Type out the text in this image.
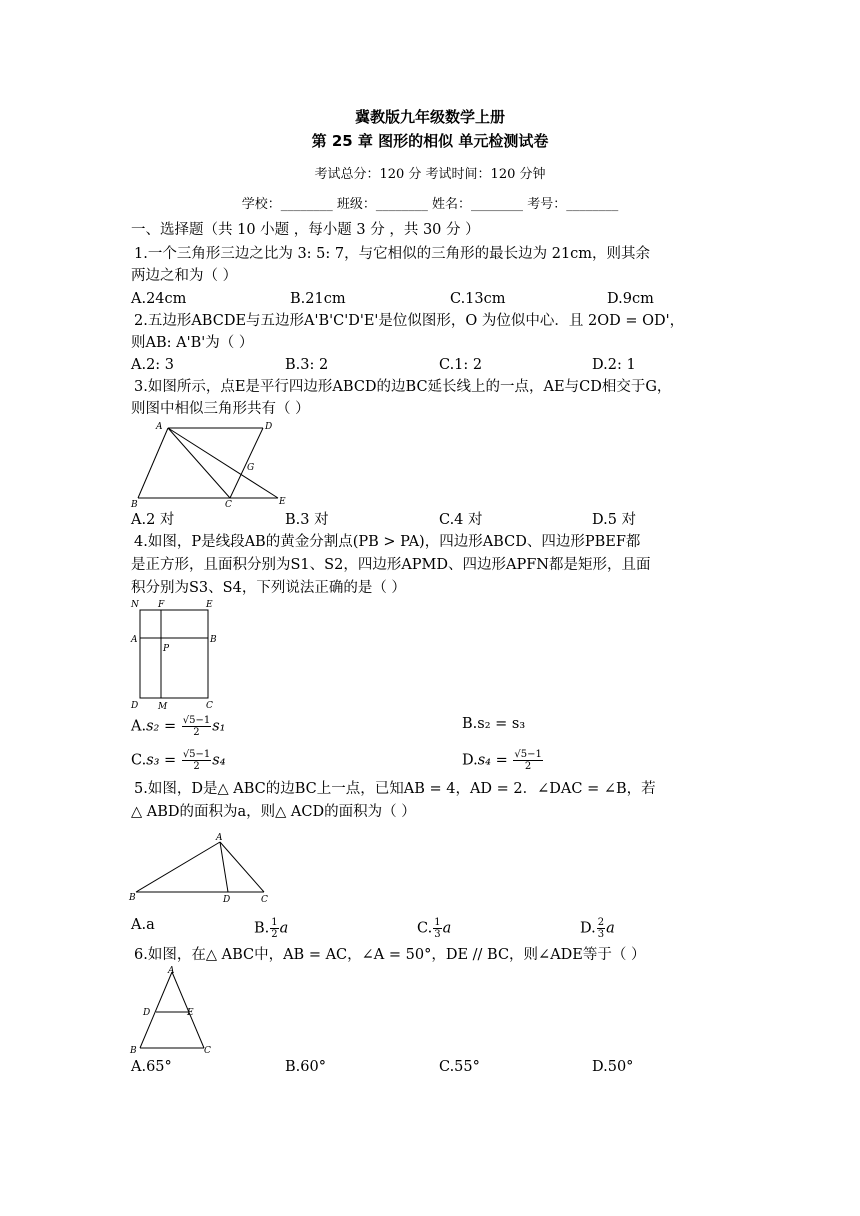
冀教版九年级数学上册
第 25 章 图形的相似 单元检测试卷
考试总分：120 分 考试时间：120 分钟
学校：________ 班级：________ 姓名：________ 考号：________
一、选择题（共 10 小题 ，每小题 3 分 ，共 30 分 ）
1.一个三角形三边之比为 3: 5: 7，与它相似的三角形的最长边为 21cm，则其余
两边之和为（ ）
A.24cm	B.21cm	C.13cm	D.9cm
2.五边形ABCDE与五边形A'B'C'D'E'是位似图形，O 为位似中心．且 2OD = OD'，
则AB: A'B'为（ ）
A.2: 3	B.3: 2	C.1: 2	D.2: 1
3.如图所示，点E是平行四边形ABCD的边BC延长线上的一点，AE与CD相交于G，
则图中相似三角形共有（ ）
A	D
G
B	C	E
A.2 对	B.3 对	C.4 对	D.5 对
4.如图，P是线段AB的黄金分割点(PB > PA)，四边形ABCD、四边形PBEF都
是正方形，且面积分别为S1、S2，四边形APMD、四边形APFN都是矩形，且面
积分别为S3、S4，下列说法正确的是（ ）
N F	E
A	B
P
D M	C
$A.s_2 = \frac{√5-1}{2} s_1$	B.s₂ = s₃
$C.s_3 = \frac{√5-1}{2} s_4$	$D.s_4 = \frac{√5-1}{2}$
5.如图，D是△ ABC的边BC上一点，已知AB = 4，AD = 2．∠DAC = ∠B，若
△ ABD的面积为a，则△ ACD的面积为（ ）
A
B	D	C
A.a	B. $\frac{1}{2}$ a	C. $\frac{1}{3}$ a	D. $\frac{2}{3}$ a
6.如图，在△ ABC中，AB = AC，∠A = 50°，DE // BC，则∠ADE等于（ ）
A
D	E
B	C
A.65°	B.60°	C.55°	D.50°
